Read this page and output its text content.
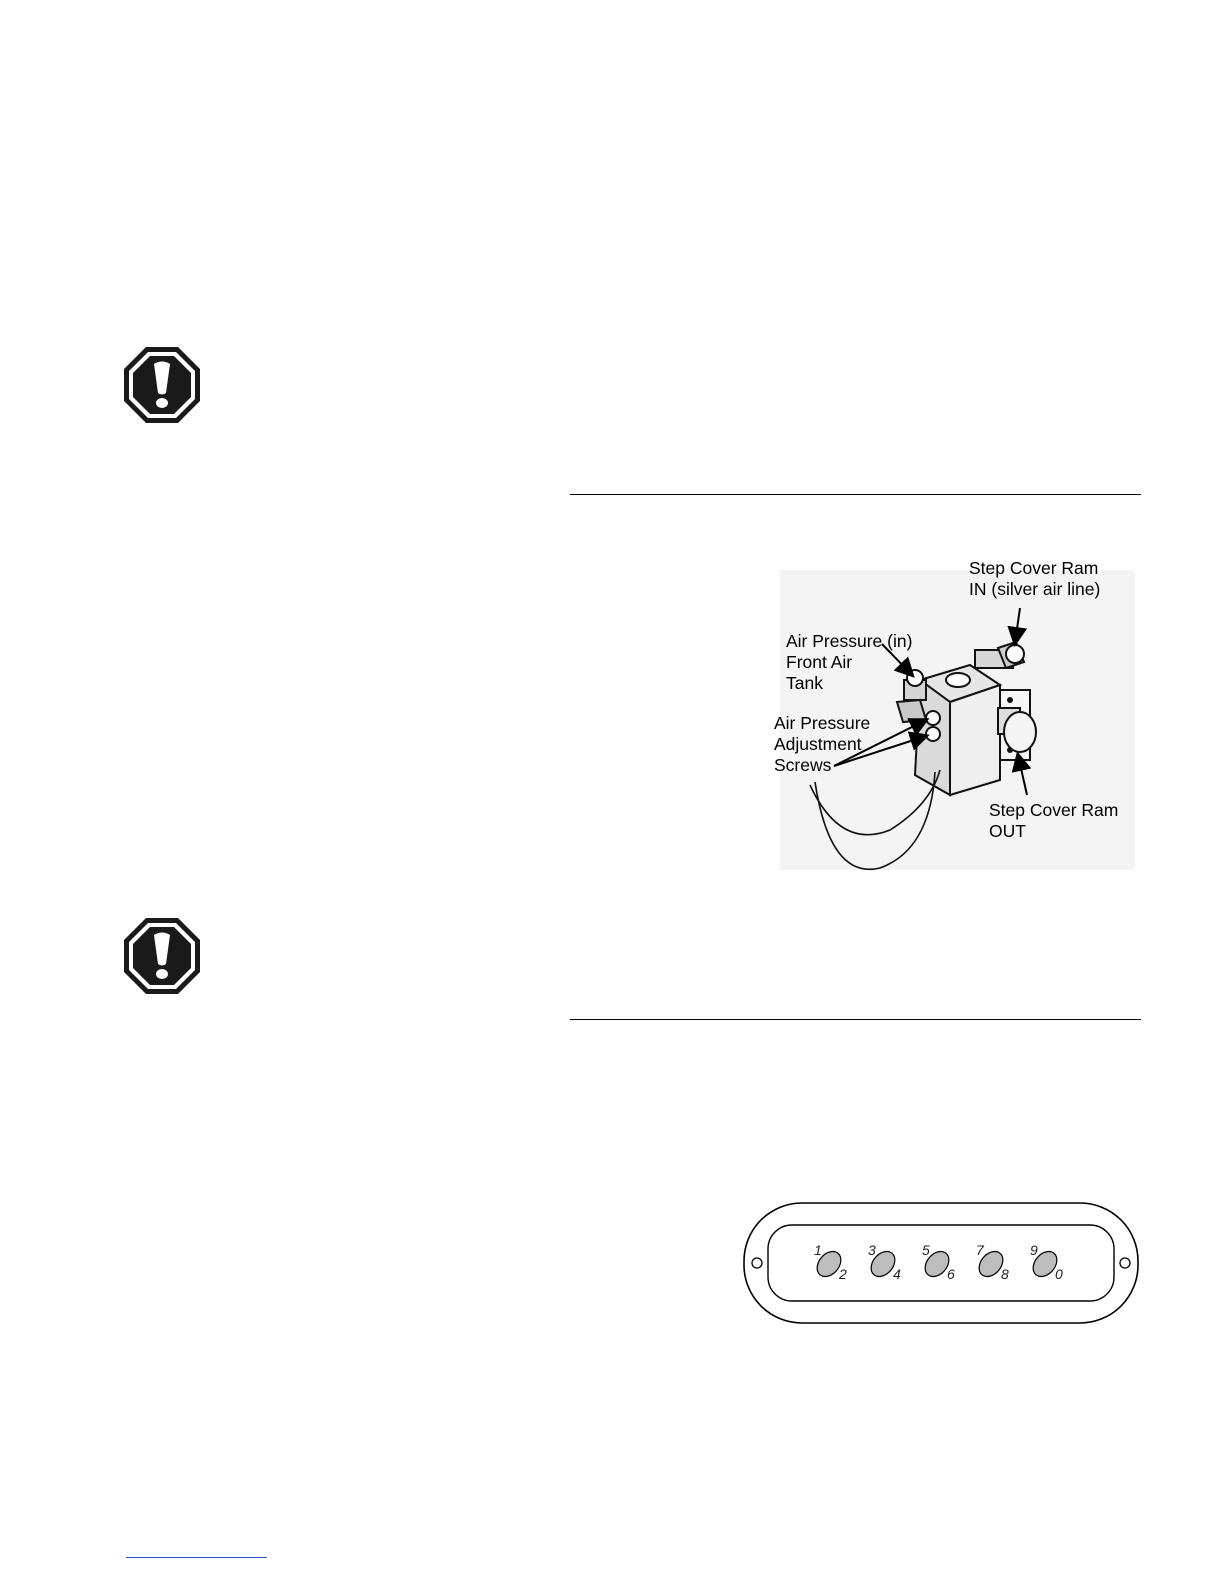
Step Cover Ram
IN (silver air line)

Air Pressure (in)
Front Air
Tank

Air Pressure
Adjustment
Screws

Step Cover Ram
OUT

1
2
3
4
5
6
7
8
9
0
